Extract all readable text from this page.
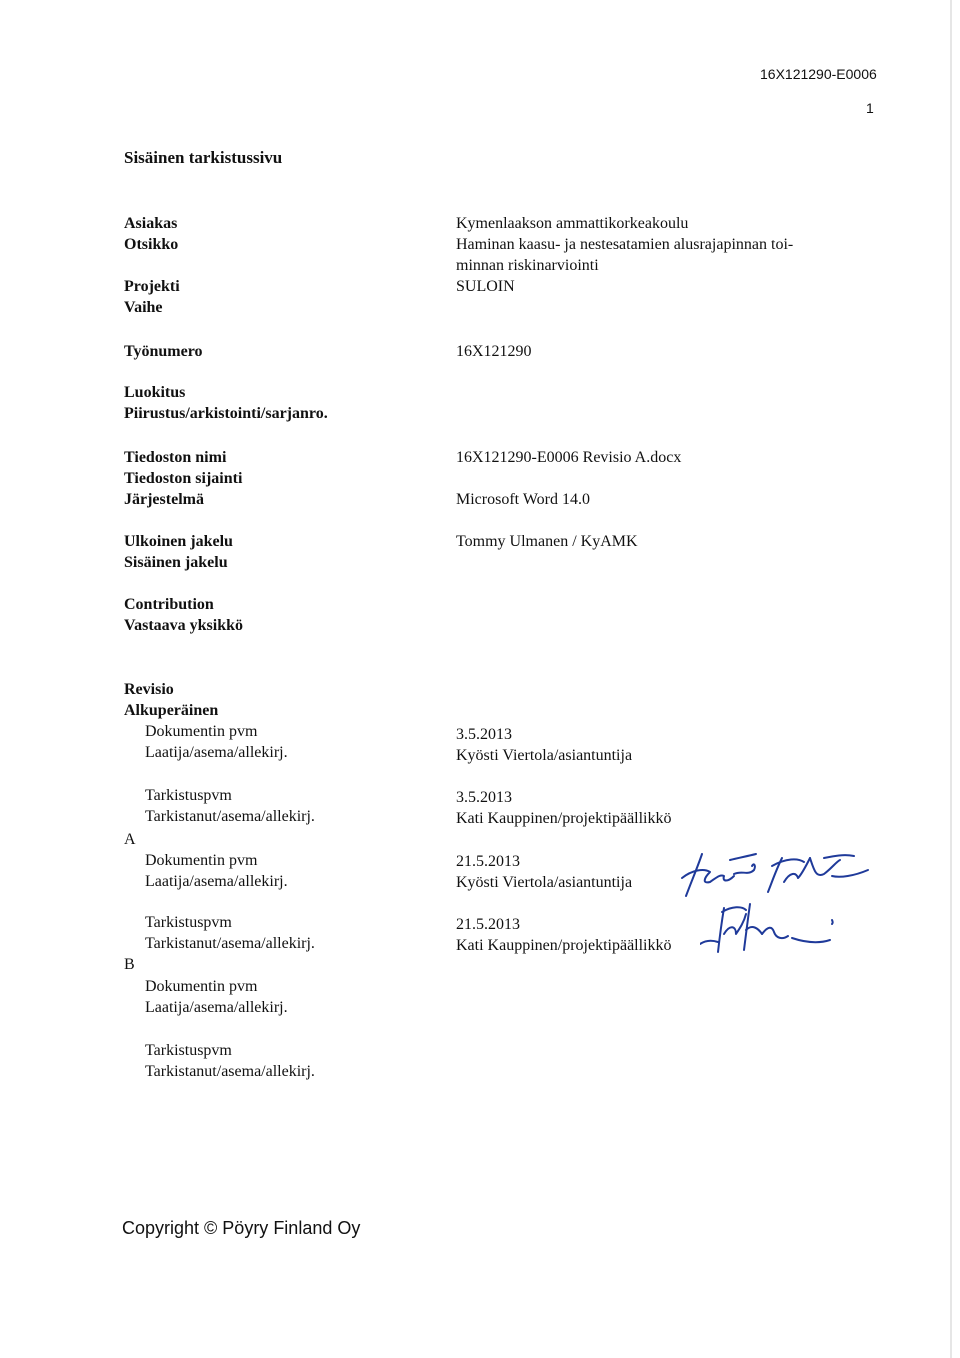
16X121290-E0006
1
Sisäinen tarkistussivu
Asiakas
Otsikko
Projekti
Vaihe
Työnumero
Luokitus
Piirustus/arkistointi/sarjanro.
Tiedoston nimi
Tiedoston sijainti
Järjestelmä
Ulkoinen jakelu
Sisäinen jakelu
Contribution
Vastaava yksikkö
Kymenlaakson ammattikorkeakoulu
Haminan kaasu- ja nestesatamien alusrajapinnan toi-
minnan riskinarviointi
SULOIN
16X121290
16X121290-E0006 Revisio A.docx
Microsoft Word 14.0
Tommy Ulmanen / KyAMK
Revisio
Alkuperäinen
Dokumentin pvm
Laatija/asema/allekirj.
3.5.2013
Kyösti Viertola/asiantuntija
Tarkistuspvm
Tarkistanut/asema/allekirj.
3.5.2013
Kati Kauppinen/projektipäällikkö
A
Dokumentin pvm
Laatija/asema/allekirj.
21.5.2013
Kyösti Viertola/asiantuntija
Tarkistuspvm
Tarkistanut/asema/allekirj.
21.5.2013
Kati Kauppinen/projektipäällikkö
B
Dokumentin pvm
Laatija/asema/allekirj.
Tarkistuspvm
Tarkistanut/asema/allekirj.
Copyright © Pöyry Finland Oy
